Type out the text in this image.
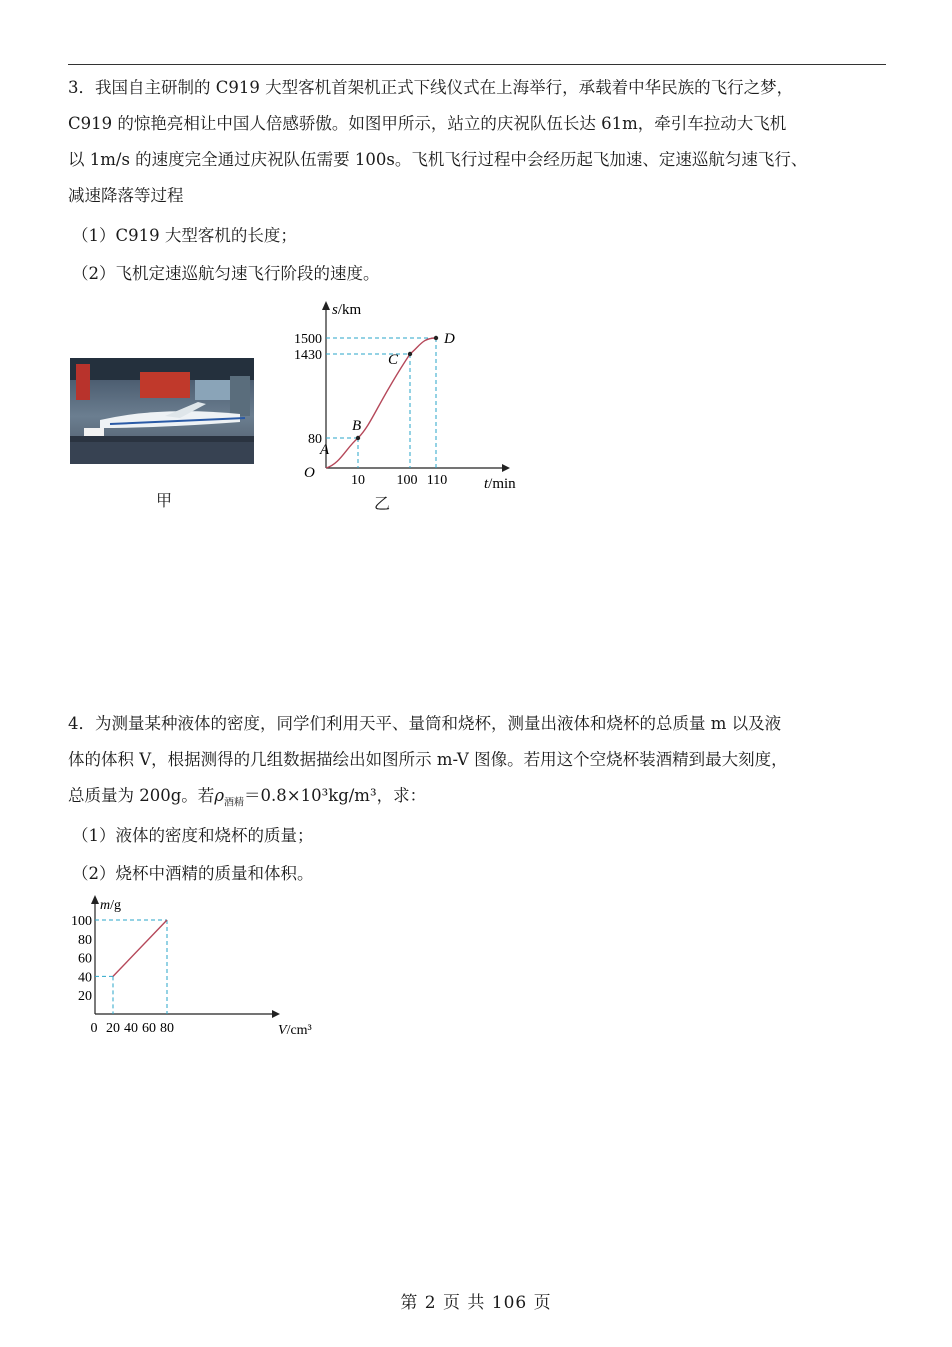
3．我国自主研制的 C919 大型客机首架机正式下线仪式在上海举行，承载着中华民族的飞行之梦，
C919 的惊艳亮相让中国人倍感骄傲。如图甲所示，站立的庆祝队伍长达 61m，牵引车拉动大飞机
以 1m/s 的速度完全通过庆祝队伍需要 100s。飞机飞行过程中会经历起飞加速、定速巡航匀速飞行、
减速降落等过程
（1）C919 大型客机的长度；
（2）飞机定速巡航匀速飞行阶段的速度。
甲
s/km
t/min
O
A
B
C
D
80
1430
1500
10 100 110
乙
4．为测量某种液体的密度，同学们利用天平、量筒和烧杯，测量出液体和烧杯的总质量 m 以及液
体的体积 V，根据测得的几组数据描绘出如图所示 m-V 图像。若用这个空烧杯装酒精到最大刻度，
总质量为 200g。若$\rho_{酒精}=0.8\times 10^3kg/m^3$，求：
（1）液体的密度和烧杯的质量；
（2）烧杯中酒精的质量和体积。
m/g
V/cm³
20
40
60
80
100
0 20 40 60 80
第 2 页 共 106 页
